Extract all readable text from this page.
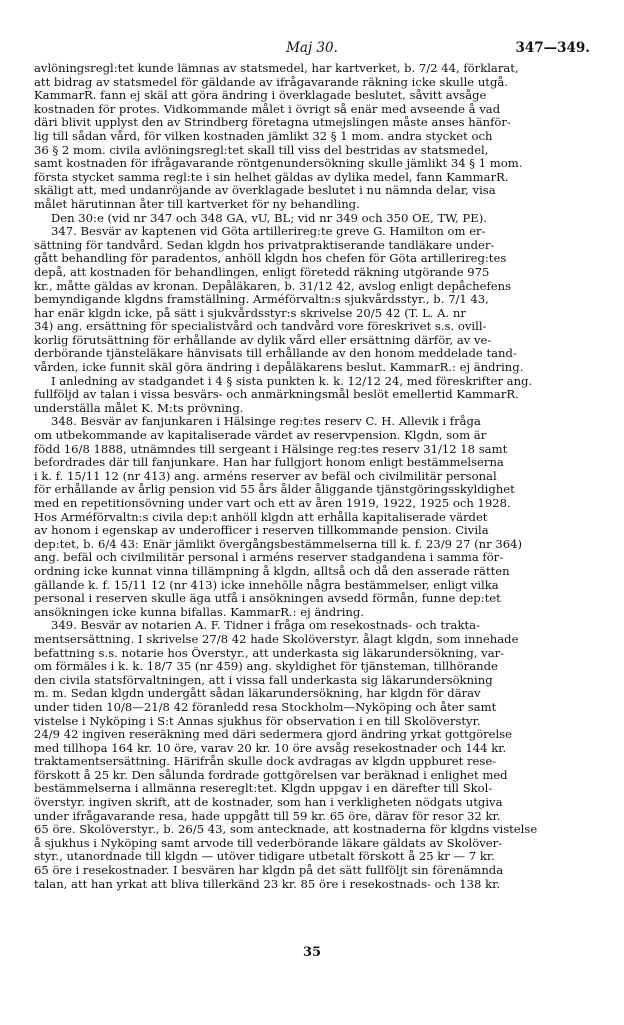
Maj 30.	347—349.
avlöningsregl:tet kunde lämnas av statsmedel, har kartverket, b. 7/2 44, förklarat,
att bidrag av statsmedel för gäldande av ifrågavarande räkning icke skulle utgå.
KammarR. fann ej skäl att göra ändring i överklagade beslutet, såvitt avsåge
kostnaden för protes. Vidkommande målet i övrigt så enär med avseende å vad
däri blivit upplyst den av Strindberg företagna utmejslingen måste anses hänför-
lig till sådan vård, för vilken kostnaden jämlikt 32 § 1 mom. andra stycket och
36 § 2 mom. civila avlöningsregl:tet skall till viss del bestridas av statsmedel,
samt kostnaden för ifrågavarande röntgenundersökning skulle jämlikt 34 § 1 mom.
första stycket samma regl:te i sin helhet gäldas av dylika medel, fann KammarR.
skäligt att, med undanröjande av överklagade beslutet i nu nämnda delar, visa
målet härutinnan åter till kartverket för ny behandling.
Den 30:e (vid nr 347 och 348 GA, vU, BL; vid nr 349 och 350 OE, TW, PE).
347. Besvär av kaptenen vid Göta artillerireg:te greve G. Hamilton om er-
sättning för tandvård. Sedan klgdn hos privatpraktiserande tandläkare under-
gått behandling för paradentos, anhöll klgdn hos chefen för Göta artillerireg:tes
depå, att kostnaden för behandlingen, enligt företedd räkning utgörande 975
kr., måtte gäldas av kronan. Depåläkaren, b. 31/12 42, avslog enligt depåchefens
bemyndigande klgdns framställning. Arméförvaltn:s sjukvårdsstyr., b. 7/1 43,
har enär klgdn icke, på sätt i sjukvårdsstyr:s skrivelse 20/5 42 (T. L. A. nr
34) ang. ersättning för specialistvård och tandvård vore föreskrivet s.s. ovill-
korlig förutsättning för erhållande av dylik vård eller ersättning därför, av ve-
derbörande tjänsteläkare hänvisats till erhållande av den honom meddelade tand-
vården, icke funnit skäl göra ändring i depåläkarens beslut. KammarR.: ej ändring.
I anledning av stadgandet i 4 § sista punkten k. k. 12/12 24, med föreskrifter ang.
fullföljd av talan i vissa besvärs- och anmärkningsmål beslöt emellertid KammarR.
underställa målet K. M:ts prövning.
348. Besvär av fanjunkaren i Hälsinge reg:tes reserv C. H. Allevik i fråga
om utbekommande av kapitaliserade värdet av reservpension. Klgdn, som är
född 16/8 1888, utnämndes till sergeant i Hälsinge reg:tes reserv 31/12 18 samt
befordrades där till fanjunkare. Han har fullgjort honom enligt bestämmelserna
i k. f. 15/11 12 (nr 413) ang. arméns reserver av befäl och civilmilitär personal
för erhållande av årlig pension vid 55 års ålder åliggande tjänstgöringsskyldighet
med en repetitionsövning under vart och ett av åren 1919, 1922, 1925 och 1928.
Hos Arméförvaltn:s civila dep:t anhöll klgdn att erhålla kapitaliserade värdet
av honom i egenskap av underofficer i reserven tillkommande pension. Civila
dep:tet, b. 6/4 43: Enär jämlikt övergångsbestämmelserna till k. f. 23/9 27 (nr 364)
ang. befäl och civilmilitär personal i arméns reserver stadgandena i samma för-
ordning icke kunnat vinna tillämpning å klgdn, alltså och då den asserade rätten
gällande k. f. 15/11 12 (nr 413) icke innehölle några bestämmelser, enligt vilka
personal i reserven skulle äga utfå i ansökningen avsedd förmån, funne dep:tet
ansökningen icke kunna bifallas. KammarR.: ej ändring.
349. Besvär av notarien A. F. Tidner i fråga om resekostnads- och trakta-
mentsersättning. I skrivelse 27/8 42 hade Skolöverstyr. ålagt klgdn, som innehade
befattning s.s. notarie hos Överstyr., att underkasta sig läkarundersökning, var-
om förmäles i k. k. 18/7 35 (nr 459) ang. skyldighet för tjänsteman, tillhörande
den civila statsförvaltningen, att i vissa fall underkasta sig läkarundersökning
m. m. Sedan klgdn undergått sådan läkarundersökning, har klgdn för därav
under tiden 10/8—21/8 42 föranledd resa Stockholm—Nyköping och åter samt
vistelse i Nyköping i S:t Annas sjukhus för observation i en till Skolöverstyr.
24/9 42 ingiven reseräkning med däri sedermera gjord ändring yrkat gottgörelse
med tillhopa 164 kr. 10 öre, varav 20 kr. 10 öre avsåg resekostnader och 144 kr.
traktamentsersättning. Härifrån skulle dock avdragas av klgdn uppburet rese-
förskott å 25 kr. Den sålunda fordrade gottgörelsen var beräknad i enlighet med
bestämmelserna i allmänna resereglt:tet. Klgdn uppgav i en därefter till Skol-
överstyr. ingiven skrift, att de kostnader, som han i verkligheten nödgats utgiva
under ifrågavarande resa, hade uppgått till 59 kr. 65 öre, därav för resor 32 kr.
65 öre. Skolöverstyr., b. 26/5 43, som antecknade, att kostnaderna för klgdns vistelse
å sjukhus i Nyköping samt arvode till vederbörande läkare gäldats av Skolöver-
styr., utanordnade till klgdn — utöver tidigare utbetalt förskott å 25 kr — 7 kr.
65 öre i resekostnader. I besvären har klgdn på det sätt fullföljt sin förenämnda
talan, att han yrkat att bliva tillerkänd 23 kr. 85 öre i resekostnads- och 138 kr.
35
